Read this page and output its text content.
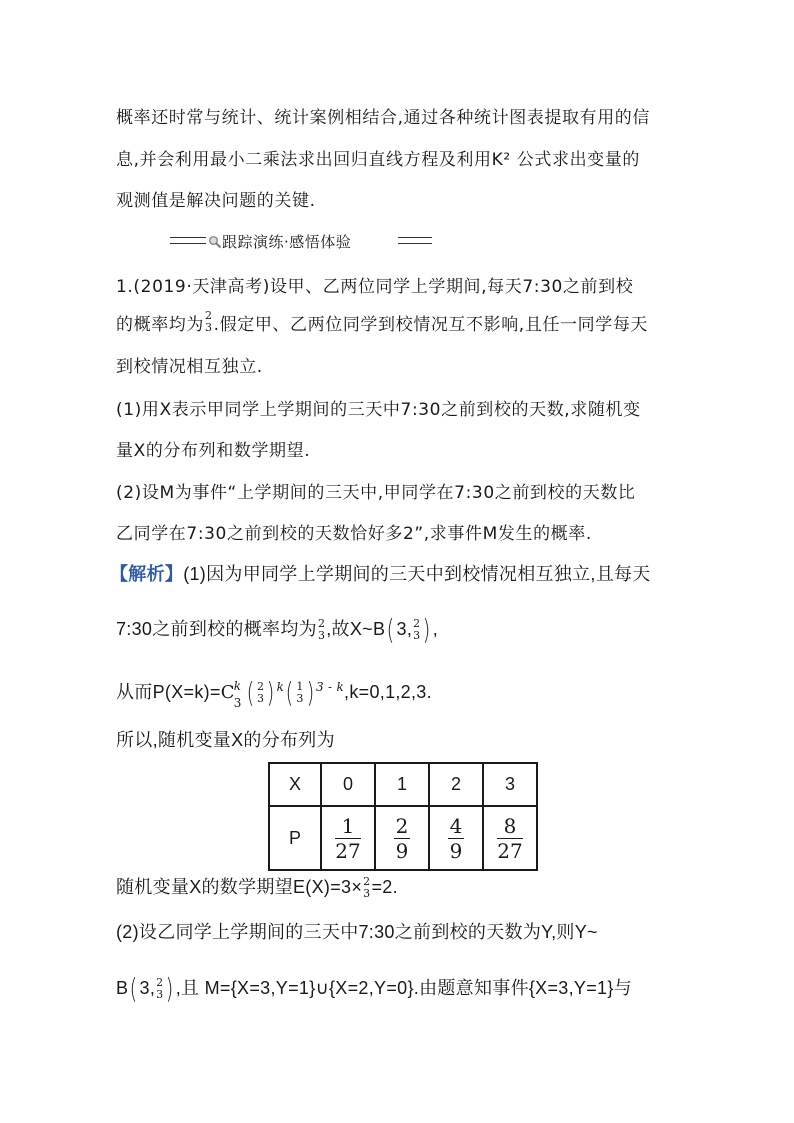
概率还时常与统计、统计案例相结合,通过各种统计图表提取有用的信
息,并会利用最小二乘法求出回归直线方程及利用K² 公式求出变量的
观测值是解决问题的关键.
跟踪演练·感悟体验
1.(2019·天津高考)设甲、乙两位同学上学期间,每天7:30之前到校
的概率均为 2
3 .假定甲、乙两位同学到校情况互不影响,且任一同学每天
到校情况相互独立.
(1)用X表示甲同学上学期间的三天中7:30之前到校的天数,求随机变
量X的分布列和数学期望.
(2)设M为事件“上学期间的三天中,甲同学在7:30之前到校的天数比
乙同学在7:30之前到校的天数恰好多2”,求事件M发生的概率.
【解析】(1)因为甲同学上学期间的三天中到校情况相互独立,且每天
7:30之前到校的概率均为 2
3 ,故X~B(3, 2
3 ),
从而P(X=k)=C
k
3 ( 2
3 ) $^k$( 1
3 ) $^{3 - k}$,k=0,1,2,3.
所以,随机变量X的分布列为
X	0	1	2	3
P	$\frac{1}{27}$	$\frac{2}{9}$	$\frac{4}{9}$	$\frac{8}{27}$
随机变量X的数学期望E(X)=3× 2
3 =2.
(2)设乙同学上学期间的三天中7:30之前到校的天数为Y,则Y~
B(3, 2
3 ),且 M={X=3,Y=1}∪{X=2,Y=0}.由题意知事件{X=3,Y=1}与
